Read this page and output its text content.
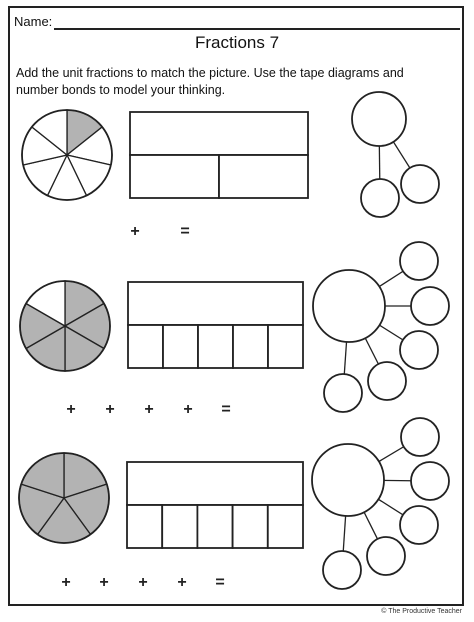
Name:
Fractions 7
Add the unit fractions to match the picture. Use the tape diagrams and number bonds to model your thinking.
+	=
+ + + + =
+ + + + =
© The Productive Teacher
